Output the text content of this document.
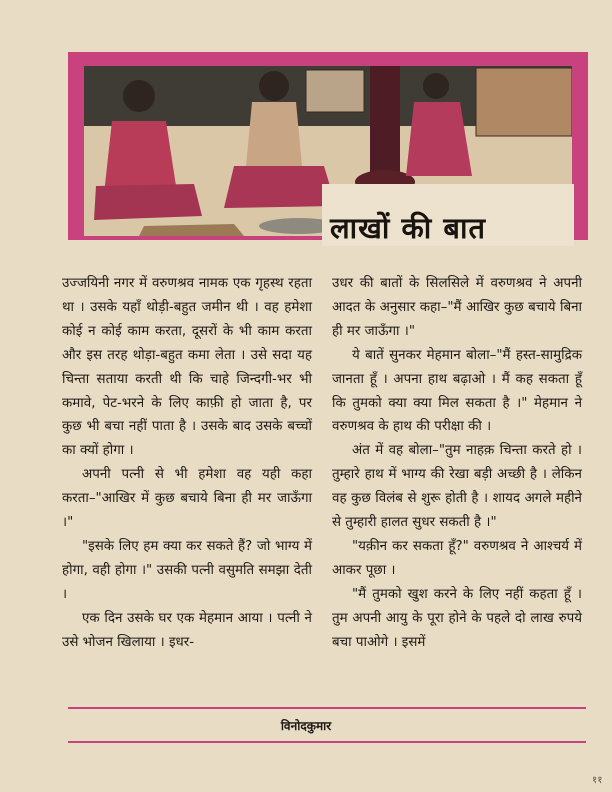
लाखों की बात

उज्जयिनी नगर में वरुणश्रव नामक एक गृहस्थ रहता था । उसके यहाँ थोड़ी-बहुत जमीन थी । वह हमेशा कोई न कोई काम करता, दूसरों के भी काम करता और इस तरह थोड़ा-बहुत कमा लेता । उसे सदा यह चिन्ता सताया करती थी कि चाहे जिन्दगी-भर भी कमावे, पेट-भरने के लिए काफ़ी हो जाता है, पर कुछ भी बचा नहीं पाता है । उसके बाद उसके बच्चों का क्यों होगा ।

अपनी पत्नी से भी हमेशा वह यही कहा करता–"आखिर में कुछ बचाये बिना ही मर जाऊँगा ।"

"इसके लिए हम क्या कर सकते हैं? जो भाग्य में होगा, वही होगा ।" उसकी पत्नी वसुमति समझा देती ।

एक दिन उसके घर एक मेहमान आया । पत्नी ने उसे भोजन खिलाया । इधर-

उधर की बातों के सिलसिले में वरुणश्रव ने अपनी आदत के अनुसार कहा–"मैं आखिर कुछ बचाये बिना ही मर जाऊँगा ।"

ये बातें सुनकर मेहमान बोला–"मैं हस्त-सामुद्रिक जानता हूँ । अपना हाथ बढ़ाओ । मैं कह सकता हूँ कि तुमको क्या क्या मिल सकता है ।" मेहमान ने वरुणश्रव के हाथ की परीक्षा की ।

अंत में वह बोला–"तुम नाहक़ चिन्ता करते हो । तुम्हारे हाथ में भाग्य की रेखा बड़ी अच्छी है । लेकिन वह कुछ विलंब से शुरू होती है । शायद अगले महीने से तुम्हारी हालत सुधर सकती है ।"

"यक़ीन कर सकता हूँ?" वरुणश्रव ने आश्चर्य में आकर पूछा ।

"मैं तुमको खुश करने के लिए नहीं कहता हूँ । तुम अपनी आयु के पूरा होने के पहले दो लाख रुपये बचा पाओगे । इसमें

विनोदकुमार
११
